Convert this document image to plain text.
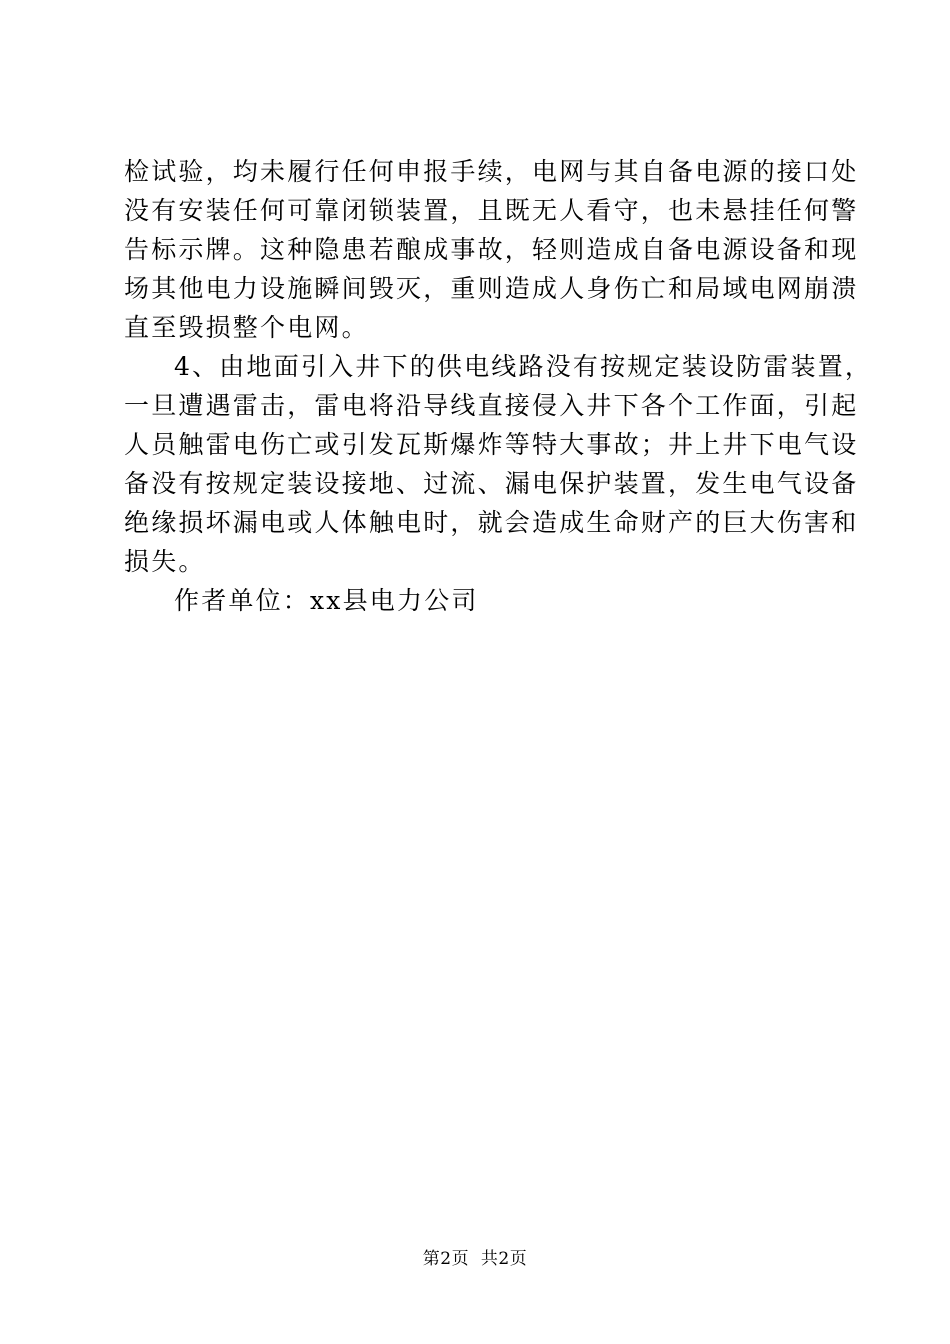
检试验，均未履行任何申报手续，电网与其自备电源的接口处
没有安装任何可靠闭锁装置，且既无人看守，也未悬挂任何警
告标示牌。这种隐患若酿成事故，轻则造成自备电源设备和现
场其他电力设施瞬间毁灭，重则造成人身伤亡和局域电网崩溃
直至毁损整个电网。
4、由地面引入井下的供电线路没有按规定装设防雷装置，
一旦遭遇雷击，雷电将沿导线直接侵入井下各个工作面，引起
人员触雷电伤亡或引发瓦斯爆炸等特大事故；井上井下电气设
备没有按规定装设接地、过流、漏电保护装置，发生电气设备
绝缘损坏漏电或人体触电时，就会造成生命财产的巨大伤害和
损失。
作者单位：xx县电力公司
第2页  共2页
